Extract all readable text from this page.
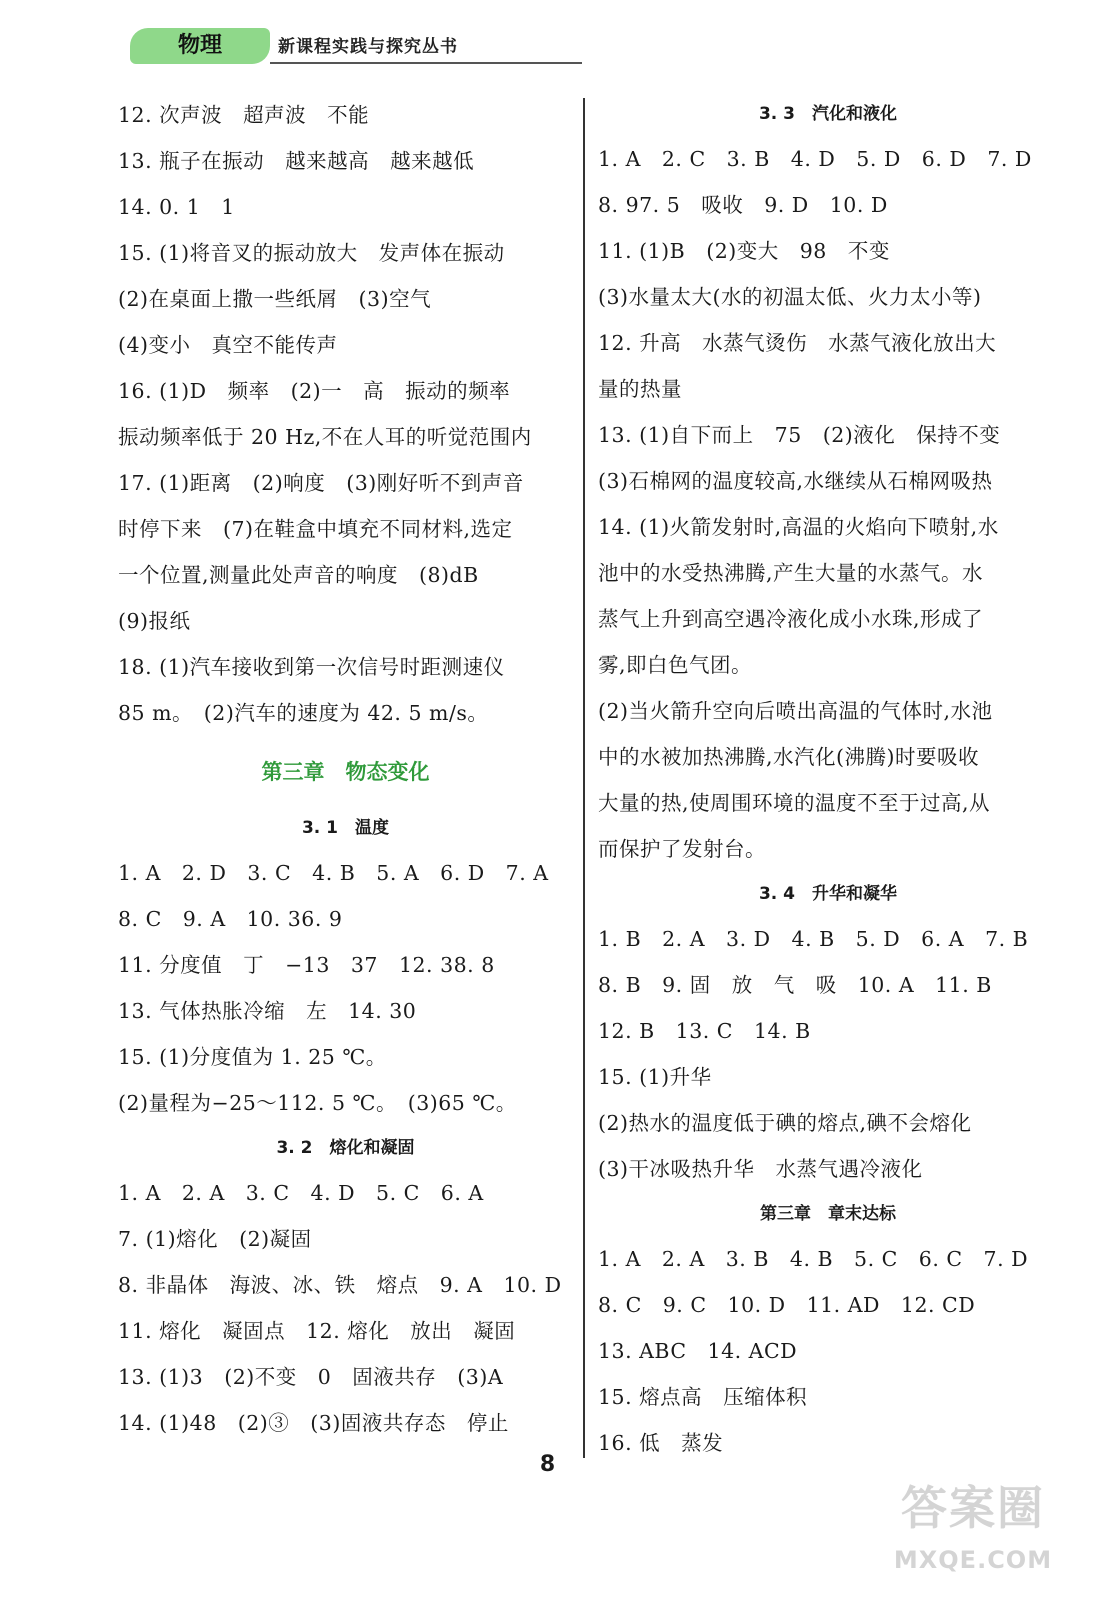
物理	新课程实践与探究丛书
12. 次声波　超声波　不能
13. 瓶子在振动　越来越高　越来越低
14. 0. 1　1
15. (1)将音叉的振动放大　发声体在振动
(2)在桌面上撒一些纸屑　(3)空气
(4)变小　真空不能传声
16. (1)D　频率　(2)一　高　振动的频率
振动频率低于 20 Hz,不在人耳的听觉范围内
17. (1)距离　(2)响度　(3)刚好听不到声音
时停下来　(7)在鞋盒中填充不同材料,选定
一个位置,测量此处声音的响度　(8)dB
(9)报纸
18. (1)汽车接收到第一次信号时距测速仪
85 m。　(2)汽车的速度为 42. 5 m/s。
第三章　物态变化
3. 1　温度
1. A　2. D　3. C　4. B　5. A　6. D　7. A
8. C　9. A　10. 36. 9
11. 分度值　丁　−13　37　12. 38. 8
13. 气体热胀冷缩　左　14. 30
15. (1)分度值为 1. 25 ℃。
(2)量程为−25～112. 5 ℃。　(3)65 ℃。
3. 2　熔化和凝固
1. A　2. A　3. C　4. D　5. C　6. A
7. (1)熔化　(2)凝固
8. 非晶体　海波、冰、铁　熔点　9. A　10. D
11. 熔化　凝固点　12. 熔化　放出　凝固
13. (1)3　(2)不变　0　固液共存　(3)A
14. (1)48　(2)③　(3)固液共存态　停止
3. 3　汽化和液化
1. A　2. C　3. B　4. D　5. D　6. D　7. D
8. 97. 5　吸收　9. D　10. D
11. (1)B　(2)变大　98　不变
(3)水量太大(水的初温太低、火力太小等)
12. 升高　水蒸气烫伤　水蒸气液化放出大
量的热量
13. (1)自下而上　75　(2)液化　保持不变
(3)石棉网的温度较高,水继续从石棉网吸热
14. (1)火箭发射时,高温的火焰向下喷射,水
池中的水受热沸腾,产生大量的水蒸气。水
蒸气上升到高空遇冷液化成小水珠,形成了
雾,即白色气团。
(2)当火箭升空向后喷出高温的气体时,水池
中的水被加热沸腾,水汽化(沸腾)时要吸收
大量的热,使周围环境的温度不至于过高,从
而保护了发射台。
3. 4　升华和凝华
1. B　2. A　3. D　4. B　5. D　6. A　7. B
8. B　9. 固　放　气　吸　10. A　11. B
12. B　13. C　14. B
15. (1)升华
(2)热水的温度低于碘的熔点,碘不会熔化
(3)干冰吸热升华　水蒸气遇冷液化
第三章　章末达标
1. A　2. A　3. B　4. B　5. C　6. C　7. D
8. C　9. C　10. D　11. AD　12. CD
13. ABC　14. ACD
15. 熔点高　压缩体积
16. 低　蒸发
8
答案圈
MXQE.COM
